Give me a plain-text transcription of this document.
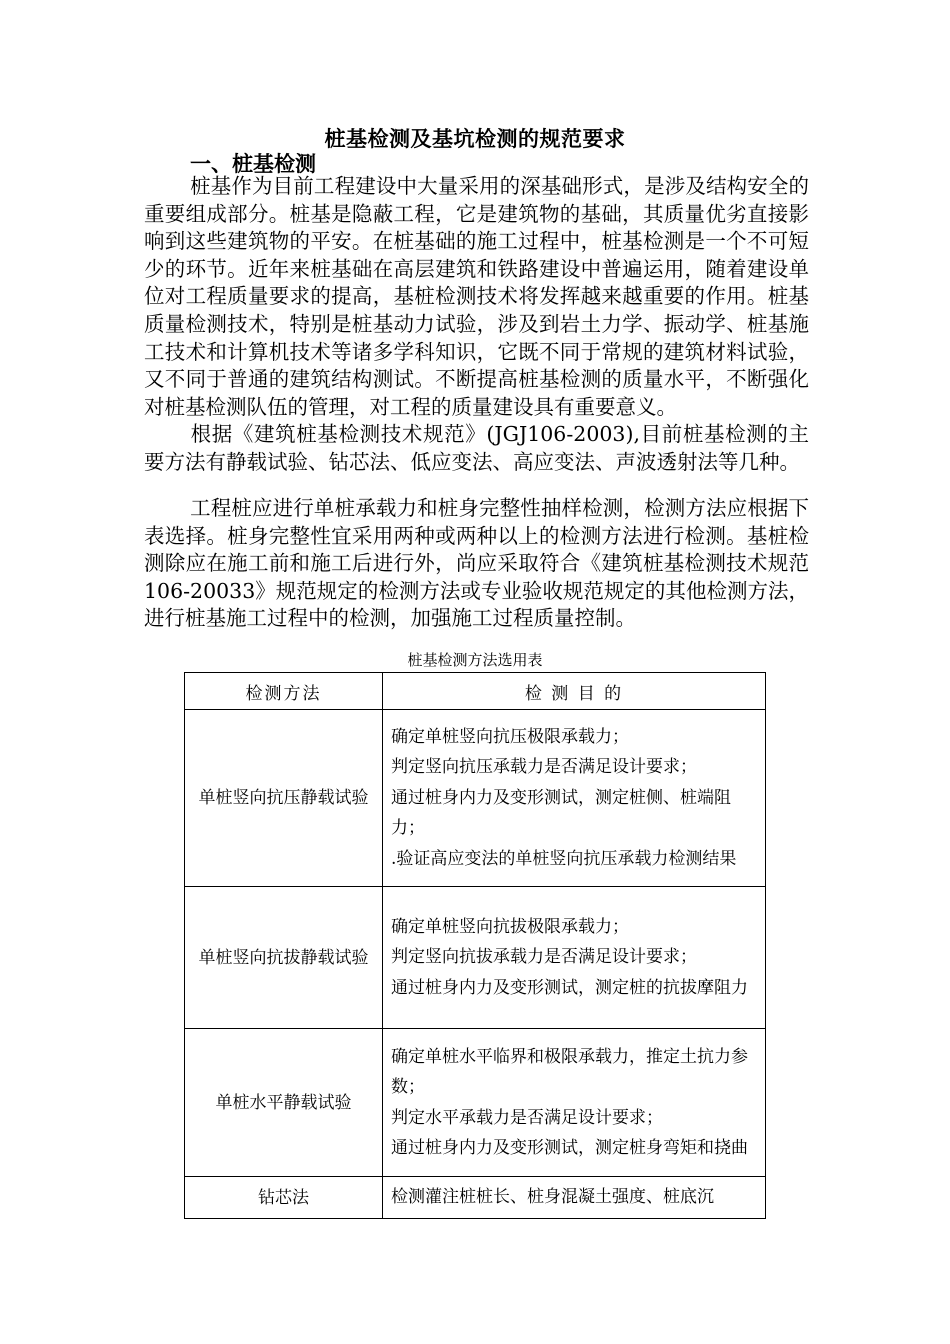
桩基检测及基坑检测的规范要求
一、桩基检测

桩基作为目前工程建设中大量采用的深基础形式，是涉及结构安全的重要组成部分。桩基是隐蔽工程，它是建筑物的基础，其质量优劣直接影响到这些建筑物的平安。在桩基础的施工过程中，桩基检测是一个不可短少的环节。近年来桩基础在高层建筑和铁路建设中普遍运用，随着建设单位对工程质量要求的提高，基桩检测技术将发挥越来越重要的作用。桩基质量检测技术，特别是桩基动力试验，涉及到岩土力学、振动学、桩基施工技术和计算机技术等诸多学科知识，它既不同于常规的建筑材料试验，又不同于普通的建筑结构测试。不断提高桩基检测的质量水平，不断强化对桩基检测队伍的管理，对工程的质量建设具有重要意义。

根据《建筑桩基检测技术规范》(JGJ106-2003),目前桩基检测的主要方法有静载试验、钻芯法、低应变法、高应变法、声波透射法等几种。

工程桩应进行单桩承载力和桩身完整性抽样检测，检测方法应根据下表选择。桩身完整性宜采用两种或两种以上的检测方法进行检测。基桩检测除应在施工前和施工后进行外，尚应采取符合《建筑桩基检测技术规范106-20033》规范规定的检测方法或专业验收规范规定的其他检测方法，进行桩基施工过程中的检测，加强施工过程质量控制。

桩基检测方法选用表
检测方法	检 测 目 的
单桩竖向抗压静载试验	确定单桩竖向抗压极限承载力；
判定竖向抗压承载力是否满足设计要求；
通过桩身内力及变形测试，测定桩侧、桩端阻力；
.验证高应变法的单桩竖向抗压承载力检测结果

单桩竖向抗拔静载试验	确定单桩竖向抗拔极限承载力；
判定竖向抗拔承载力是否满足设计要求；
通过桩身内力及变形测试，测定桩的抗拔摩阻力

单桩水平静载试验	确定单桩水平临界和极限承载力，推定土抗力参数；
判定水平承载力是否满足设计要求；
通过桩身内力及变形测试，测定桩身弯矩和挠曲

钻芯法	检测灌注桩桩长、桩身混凝土强度、桩底沉
